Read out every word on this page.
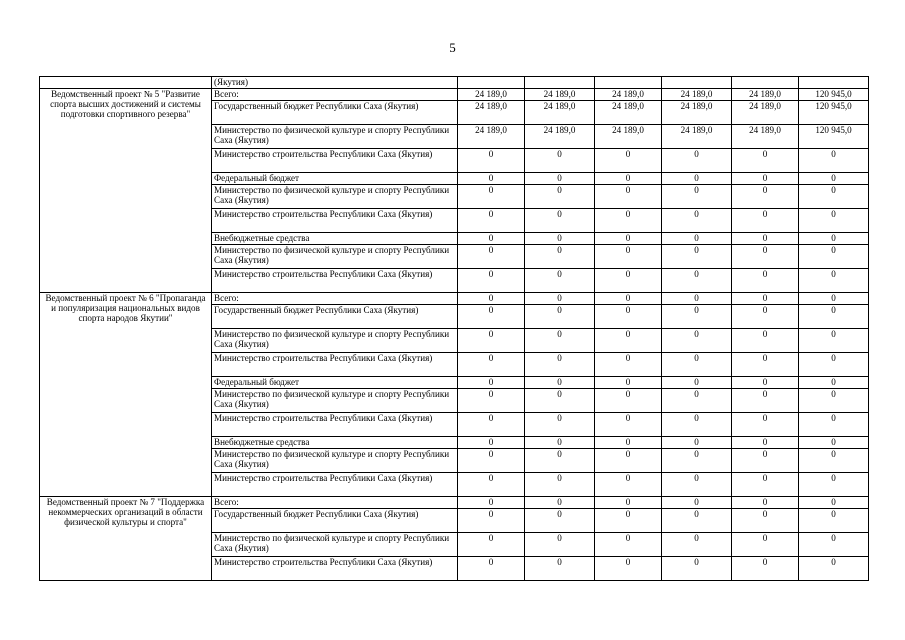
5
	(Якутия)						
Ведомственный проект № 5 "Развитие спорта высших достижений и системы подготовки спортивного резерва"	Всего:	24 189,0	24 189,0	24 189,0	24 189,0	24 189,0	120 945,0
	Государственный бюджет Республики Саха (Якутия)	24 189,0	24 189,0	24 189,0	24 189,0	24 189,0	120 945,0
	Министерство по физической культуре и спорту Республики Саха (Якутия)	24 189,0	24 189,0	24 189,0	24 189,0	24 189,0	120 945,0
	Министерство строительства Республики Саха (Якутия)	0	0	0	0	0	0
	Федеральный бюджет	0	0	0	0	0	0
	Министерство по физической культуре и спорту Республики Саха (Якутия)	0	0	0	0	0	0
	Министерство строительства Республики Саха (Якутия)	0	0	0	0	0	0
	Внебюджетные средства	0	0	0	0	0	0
	Министерство по физической культуре и спорту Республики Саха (Якутия)	0	0	0	0	0	0
	Министерство строительства Республики Саха (Якутия)	0	0	0	0	0	0
Ведомственный проект № 6 "Пропаганда и популяризация национальных видов спорта народов Якутии"	Всего:	0	0	0	0	0	0
	Государственный бюджет Республики Саха (Якутия)	0	0	0	0	0	0
	Министерство по физической культуре и спорту Республики Саха (Якутия)	0	0	0	0	0	0
	Министерство строительства Республики Саха (Якутия)	0	0	0	0	0	0
	Федеральный бюджет	0	0	0	0	0	0
	Министерство по физической культуре и спорту Республики Саха (Якутия)	0	0	0	0	0	0
	Министерство строительства Республики Саха (Якутия)	0	0	0	0	0	0
	Внебюджетные средства	0	0	0	0	0	0
	Министерство по физической культуре и спорту Республики Саха (Якутия)	0	0	0	0	0	0
	Министерство строительства Республики Саха (Якутия)	0	0	0	0	0	0
Ведомственный проект № 7 "Поддержка некоммерческих организаций в области физической культуры и спорта"	Всего:	0	0	0	0	0	0
	Государственный бюджет Республики Саха (Якутия)	0	0	0	0	0	0
	Министерство по физической культуре и спорту Республики Саха (Якутия)	0	0	0	0	0	0
	Министерство строительства Республики Саха (Якутия)	0	0	0	0	0	0
